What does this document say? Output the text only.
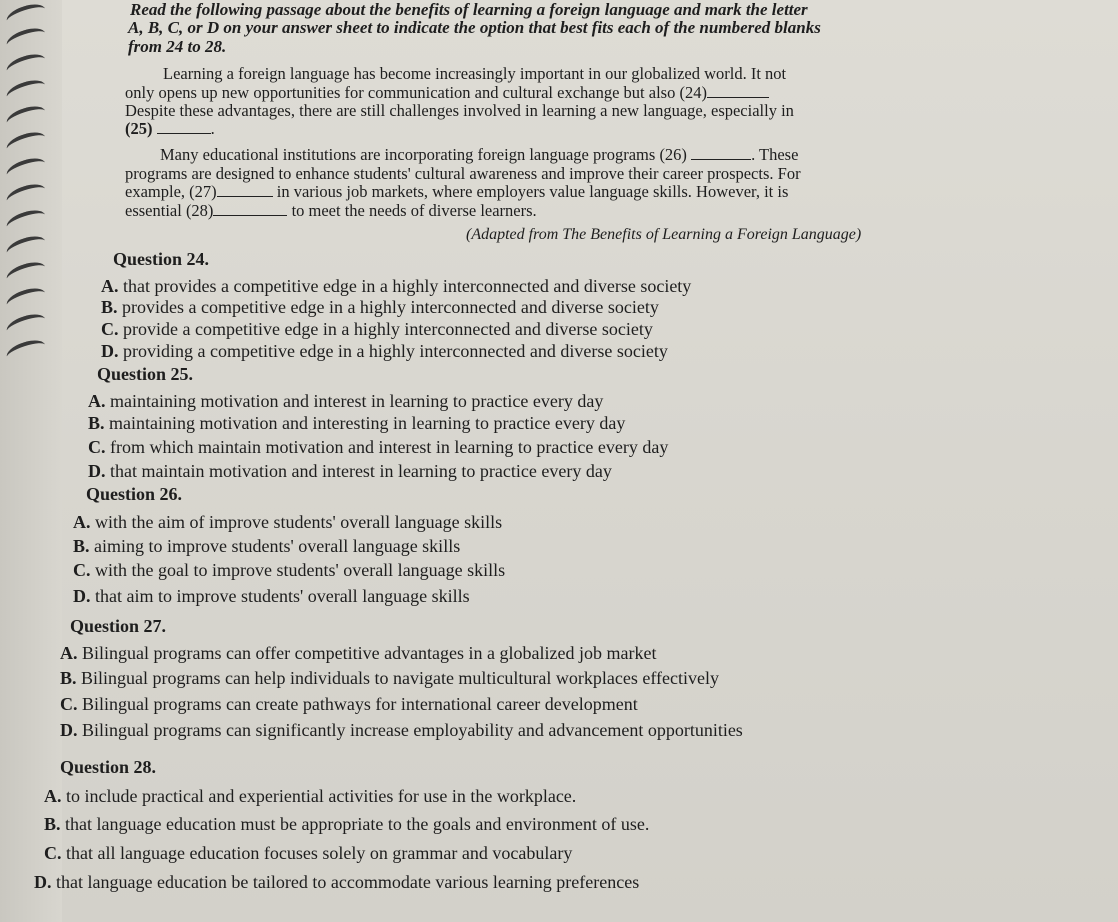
Read the following passage about the benefits of learning a foreign language and mark the letter
A, B, C, or D on your answer sheet to indicate the option that best fits each of the numbered blanks
from 24 to 28.
Learning a foreign language has become increasingly important in our globalized world. It not
only opens up new opportunities for communication and cultural exchange but also (24)
Despite these advantages, there are still challenges involved in learning a new language, especially in
(25)	.
Many educational institutions are incorporating foreign language programs (26)	. These
programs are designed to enhance students' cultural awareness and improve their career prospects. For
example, (27)	in various job markets, where employers value language skills. However, it is
essential (28)	to meet the needs of diverse learners.
(Adapted from The Benefits of Learning a Foreign Language)
Question 24.
A. that provides a competitive edge in a highly interconnected and diverse society
B. provides a competitive edge in a highly interconnected and diverse society
C. provide a competitive edge in a highly interconnected and diverse society
D. providing a competitive edge in a highly interconnected and diverse society
Question 25.
A. maintaining motivation and interest in learning to practice every day
B. maintaining motivation and interesting in learning to practice every day
C. from which maintain motivation and interest in learning to practice every day
D. that maintain motivation and interest in learning to practice every day
Question 26.
A. with the aim of improve students' overall language skills
B. aiming to improve students' overall language skills
C. with the goal to improve students' overall language skills
D. that aim to improve students' overall language skills
Question 27.
A. Bilingual programs can offer competitive advantages in a globalized job market
B. Bilingual programs can help individuals to navigate multicultural workplaces effectively
C. Bilingual programs can create pathways for international career development
D. Bilingual programs can significantly increase employability and advancement opportunities
Question 28.
A. to include practical and experiential activities for use in the workplace.
B. that language education must be appropriate to the goals and environment of use.
C. that all language education focuses solely on grammar and vocabulary
D. that language education be tailored to accommodate various learning preferences
